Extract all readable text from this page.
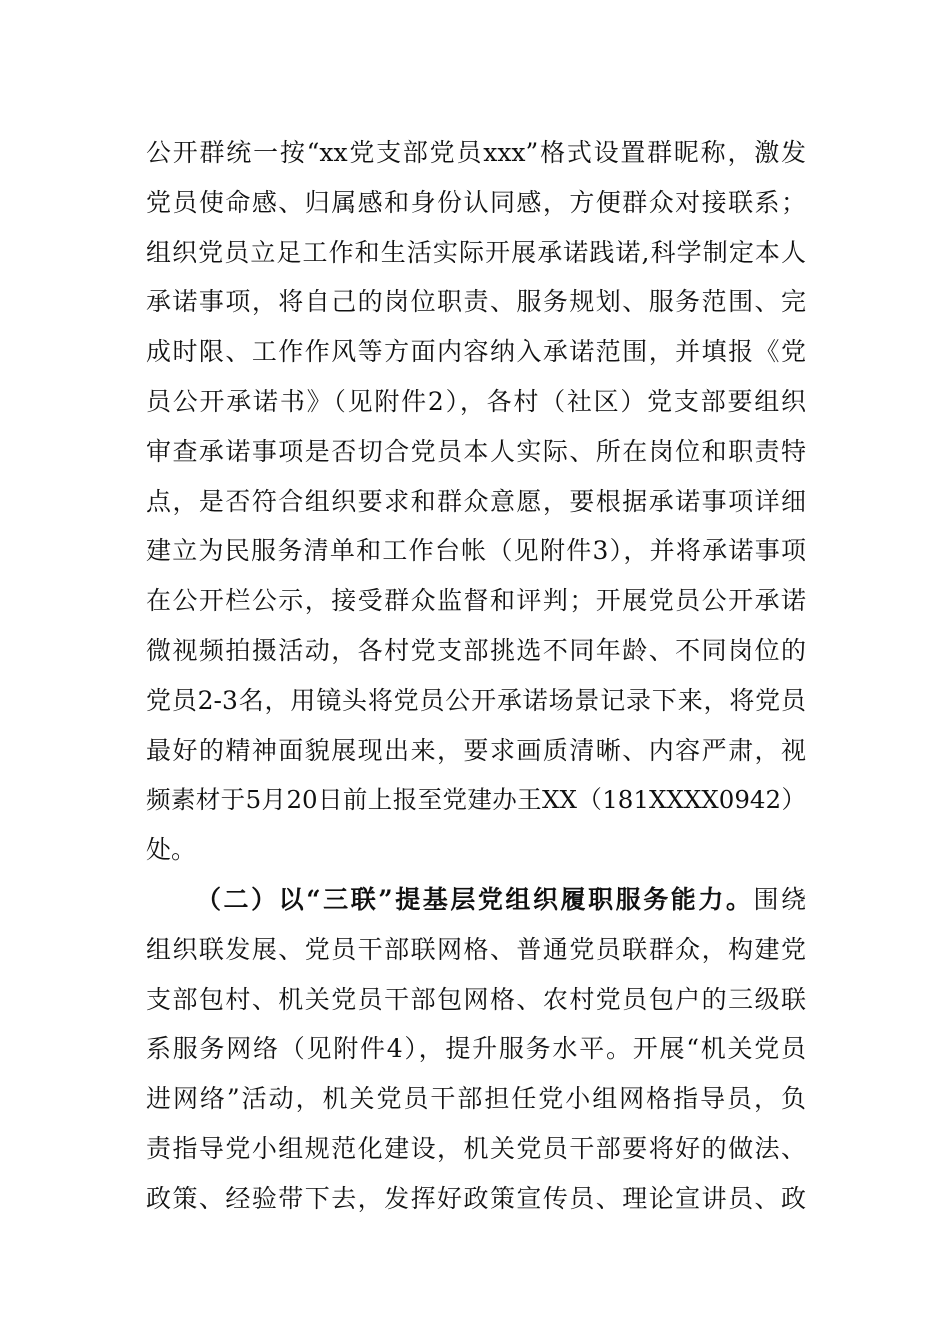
公开群统一按“xx党支部党员xxx”格式设置群昵称，激发
党员使命感、归属感和身份认同感，方便群众对接联系；
组织党员立足工作和生活实际开展承诺践诺,科学制定本人
承诺事项，将自己的岗位职责、服务规划、服务范围、完
成时限、工作作风等方面内容纳入承诺范围，并填报《党
员公开承诺书》（见附件2），各村（社区）党支部要组织
审查承诺事项是否切合党员本人实际、所在岗位和职责特
点，是否符合组织要求和群众意愿，要根据承诺事项详细
建立为民服务清单和工作台帐（见附件3），并将承诺事项
在公开栏公示，接受群众监督和评判；开展党员公开承诺
微视频拍摄活动，各村党支部挑选不同年龄、不同岗位的
党员2-3名，用镜头将党员公开承诺场景记录下来，将党员
最好的精神面貌展现出来，要求画质清晰、内容严肃，视
频素材于5月20日前上报至党建办王XX（181XXXX0942）
处。
（二）以“三联”提基层党组织履职服务能力。围绕
组织联发展、党员干部联网格、普通党员联群众，构建党
支部包村、机关党员干部包网格、农村党员包户的三级联
系服务网络（见附件4），提升服务水平。开展“机关党员
进网络”活动，机关党员干部担任党小组网格指导员，负
责指导党小组规范化建设，机关党员干部要将好的做法、
政策、经验带下去，发挥好政策宣传员、理论宣讲员、政
